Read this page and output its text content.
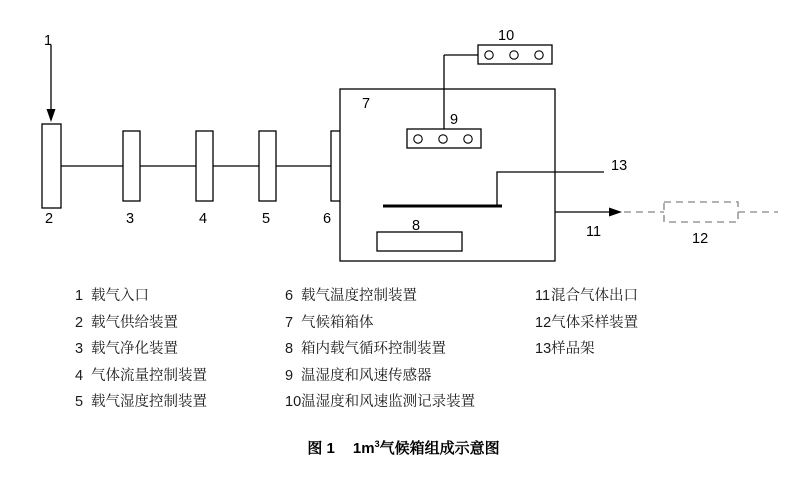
1
2	3	4	5	6
7
8
9
10
11	12
13
1 载气入口
2 载气供给装置
3 载气净化装置
4 气体流量控制装置
5 载气湿度控制装置
6 载气温度控制装置
7 气候箱箱体
8 箱内载气循环控制装置
9 温湿度和风速传感器
10温湿度和风速监测记录装置
11混合气体出口
12气体采样装置
13样品架
图 1 $1m^3$气候箱组成示意图
